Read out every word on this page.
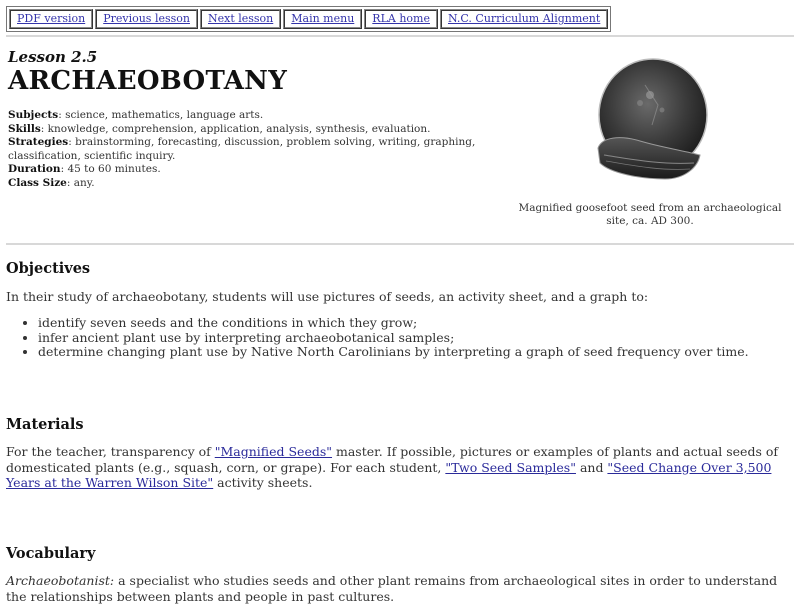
PDF version	Previous lesson	Next lesson	Main menu	RLA home	N.C. Curriculum Alignment
Lesson 2.5
ARCHAEOBOTANY
Subjects: science, mathematics, language arts.
Skills: knowledge, comprehension, application, analysis, synthesis, evaluation.
Strategies: brainstorming, forecasting, discussion, problem solving, writing, graphing, classification, scientific inquiry.
Duration: 45 to 60 minutes.
Class Size: any.
Magnified goosefoot seed from an archaeological site, ca. AD 300.
Objectives

In their study of archaeobotany, students will use pictures of seeds, an activity sheet, and a graph to:

• identify seven seeds and the conditions in which they grow;
• infer ancient plant use by interpreting archaeobotanical samples;
• determine changing plant use by Native North Carolinians by interpreting a graph of seed frequency over time.
Materials

For the teacher, transparency of "Magnified Seeds" master. If possible, pictures or examples of plants and actual seeds of domesticated plants (e.g., squash, corn, or grape). For each student, "Two Seed Samples" and "Seed Change Over 3,500 Years at the Warren Wilson Site" activity sheets.

Vocabulary

Archaeobotanist: a specialist who studies seeds and other plant remains from archaeological sites in order to understand the relationships between plants and people in past cultures.
